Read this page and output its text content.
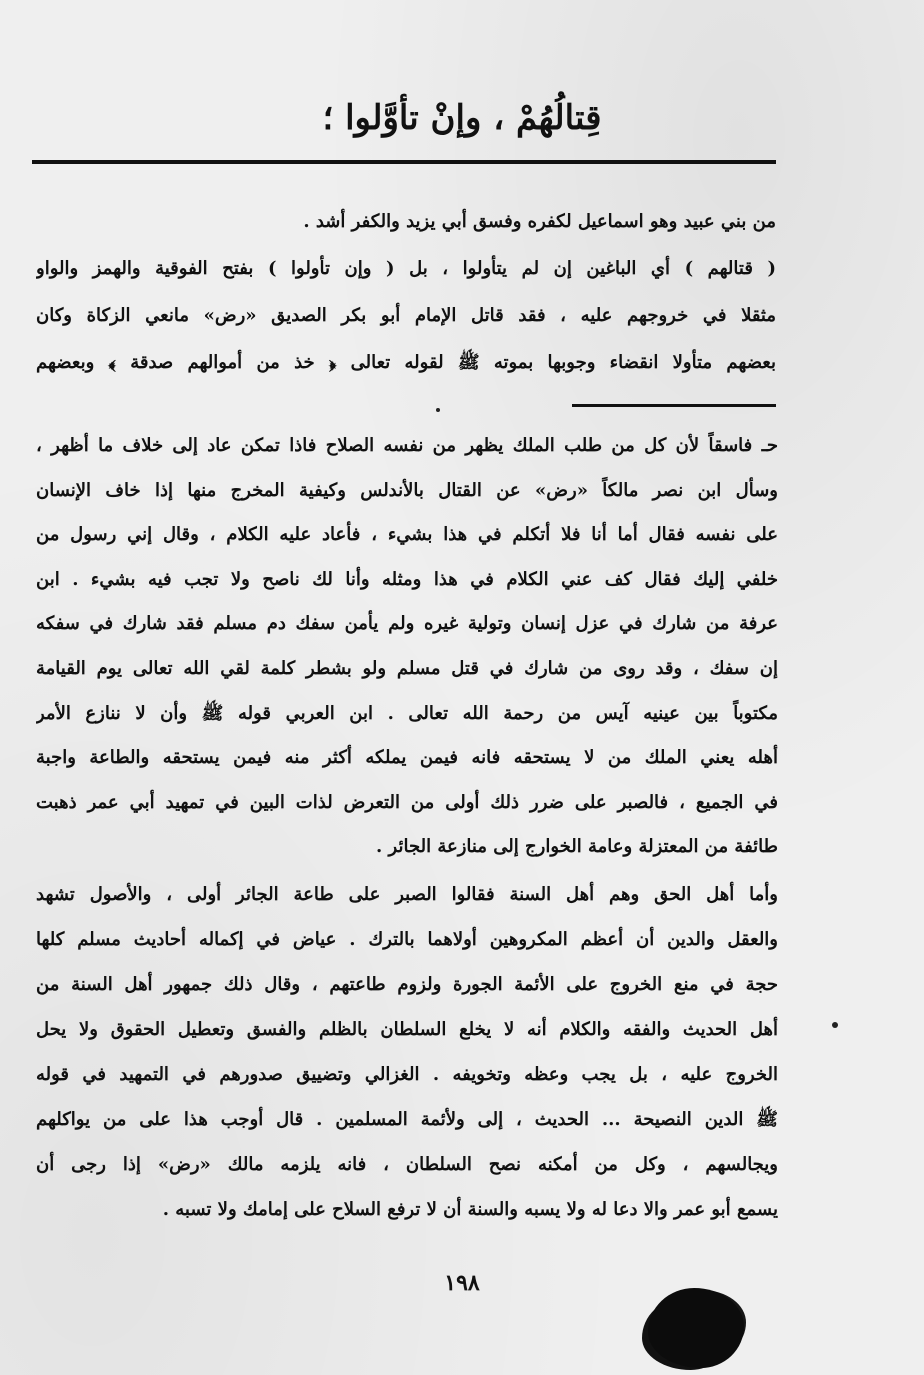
قِتالُهُمْ ، وإنْ تأوَّلوا ؛
من بني عبيد وهو اسماعيل لكفره وفسق أبي يزيد والكفر أشد .
( قتالهم ) أي الباغين إن لم يتأولوا ، بل ( وإن تأولوا ) بفتح الفوقية والهمز والواو
مثقلا في خروجهم عليه ، فقد قاتل الإمام أبو بكر الصديق «رض» مانعي الزكاة وكان
بعضهم متأولا انقضاء وجوبها بموته ﷺ لقوله تعالى ﴿ خذ من أموالهم صدقة ﴾ وبعضهم
حـ فاسقاً لأن كل من طلب الملك يظهر من نفسه الصلاح فاذا تمكن عاد إلى خلاف ما أظهر ،
وسأل ابن نصر مالكاً «رض» عن القتال بالأندلس وكيفية المخرج منها إذا خاف الإنسان
على نفسه فقال أما أنا فلا أتكلم في هذا بشيء ، فأعاد عليه الكلام ، وقال إني رسول من
خلفي إليك فقال كف عني الكلام في هذا ومثله وأنا لك ناصح ولا تجب فيه بشيء . ابن
عرفة من شارك في عزل إنسان وتولية غيره ولم يأمن سفك دم مسلم فقد شارك في سفكه
إن سفك ، وقد روى من شارك في قتل مسلم ولو بشطر كلمة لقي الله تعالى يوم القيامة
مكتوباً بين عينيه آيس من رحمة الله تعالى . ابن العربي قوله ﷺ وأن لا ننازع الأمر
أهله يعني الملك من لا يستحقه فانه فيمن يملكه أكثر منه فيمن يستحقه والطاعة واجبة
في الجميع ، فالصبر على ضرر ذلك أولى من التعرض لذات البين في تمهيد أبي عمر ذهبت
طائفة من المعتزلة وعامة الخوارج إلى منازعة الجائر .
وأما أهل الحق وهم أهل السنة فقالوا الصبر على طاعة الجائر أولى ، والأصول تشهد
والعقل والدين أن أعظم المكروهين أولاهما بالترك . عياض في إكماله أحاديث مسلم كلها
حجة في منع الخروج على الأئمة الجورة ولزوم طاعتهم ، وقال ذلك جمهور أهل السنة من
أهل الحديث والفقه والكلام أنه لا يخلع السلطان بالظلم والفسق وتعطيل الحقوق ولا يحل
الخروج عليه ، بل يجب وعظه وتخويفه . الغزالي وتضييق صدورهم في التمهيد في قوله
ﷺ الدين النصيحة ... الحديث ، إلى ولأئمة المسلمين . قال أوجب هذا على من يواكلهم
ويجالسهم ، وكل من أمكنه نصح السلطان ، فانه يلزمه مالك «رض» إذا رجى أن
يسمع أبو عمر والا دعا له ولا يسبه والسنة أن لا ترفع السلاح على إمامك ولا تسبه .
١٩٨
